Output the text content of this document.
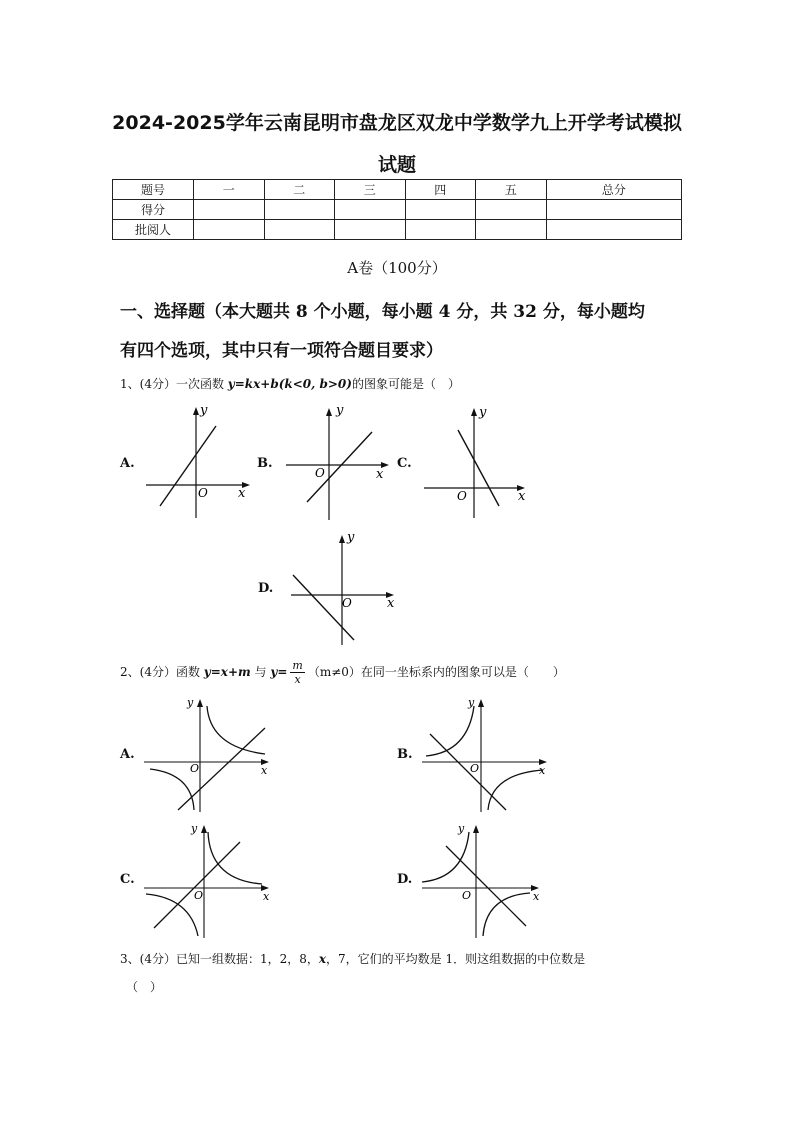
2024-2025学年云南昆明市盘龙区双龙中学数学九上开学考试模拟
试题
题号	一	二	三	四	五	总分
得分						
批阅人						
A卷（100分）
一、选择题（本大题共 8 个小题，每小题 4 分，共 32 分，每小题均
有四个选项，其中只有一项符合题目要求）
1、(4分）一次函数 y=kx+b(k<0, b>0)的图象可能是（　）
A.	B.	C.
D.
y
x
O
y
x
O
y
x
O
y
x
O
2、(4分）函数 y=x+m 与 $y= \frac{m}{x} (m\ne 0)$在同一坐标系内的图象可以是（　　）
A.	B.
C.	D.
y
x
O
y
x
O
y
x
O
y
x
O
3、(4分）已知一组数据：1，2，8，x，7，它们的平均数是 1．则这组数据的中位数是
（　）
